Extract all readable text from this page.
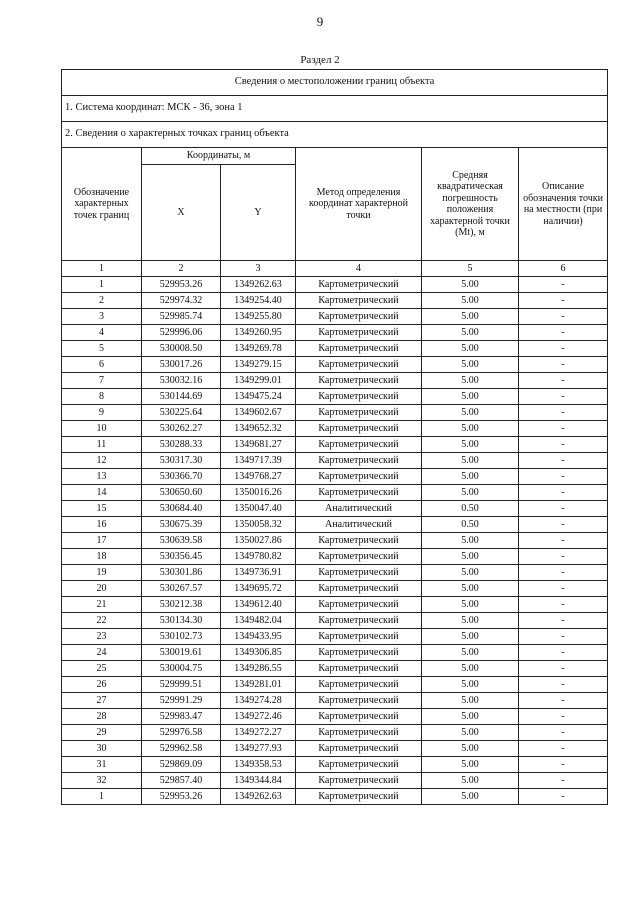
9
Раздел 2
Сведения о местоположении границ объекта					
1. Система координат: МСК - 36, зона 1					
2. Сведения о характерных точках границ объекта					
Обозначение характерных точек границ	Координаты, м		Метод определения координат характерной точки	Средняя квадратическая погрешность положения характерной точки (Mt), м	Описание обозначения точки на местности (при наличии)
	X	Y			
1	2	3	4	5	6
1	529953.26	1349262.63	Картометрический	5.00	-
2	529974.32	1349254.40	Картометрический	5.00	-
3	529985.74	1349255.80	Картометрический	5.00	-
4	529996.06	1349260.95	Картометрический	5.00	-
5	530008.50	1349269.78	Картометрический	5.00	-
6	530017.26	1349279.15	Картометрический	5.00	-
7	530032.16	1349299.01	Картометрический	5.00	-
8	530144.69	1349475.24	Картометрический	5.00	-
9	530225.64	1349602.67	Картометрический	5.00	-
10	530262.27	1349652.32	Картометрический	5.00	-
11	530288.33	1349681.27	Картометрический	5.00	-
12	530317.30	1349717.39	Картометрический	5.00	-
13	530366.70	1349768.27	Картометрический	5.00	-
14	530650.60	1350016.26	Картометрический	5.00	-
15	530684.40	1350047.40	Аналитический	0.50	-
16	530675.39	1350058.32	Аналитический	0.50	-
17	530639.58	1350027.86	Картометрический	5.00	-
18	530356.45	1349780.82	Картометрический	5.00	-
19	530301.86	1349736.91	Картометрический	5.00	-
20	530267.57	1349695.72	Картометрический	5.00	-
21	530212.38	1349612.40	Картометрический	5.00	-
22	530134.30	1349482.04	Картометрический	5.00	-
23	530102.73	1349433.95	Картометрический	5.00	-
24	530019.61	1349306.85	Картометрический	5.00	-
25	530004.75	1349286.55	Картометрический	5.00	-
26	529999.51	1349281.01	Картометрический	5.00	-
27	529991.29	1349274.28	Картометрический	5.00	-
28	529983.47	1349272.46	Картометрический	5.00	-
29	529976.58	1349272.27	Картометрический	5.00	-
30	529962.58	1349277.93	Картометрический	5.00	-
31	529869.09	1349358.53	Картометрический	5.00	-
32	529857.40	1349344.84	Картометрический	5.00	-
1	529953.26	1349262.63	Картометрический	5.00	-
